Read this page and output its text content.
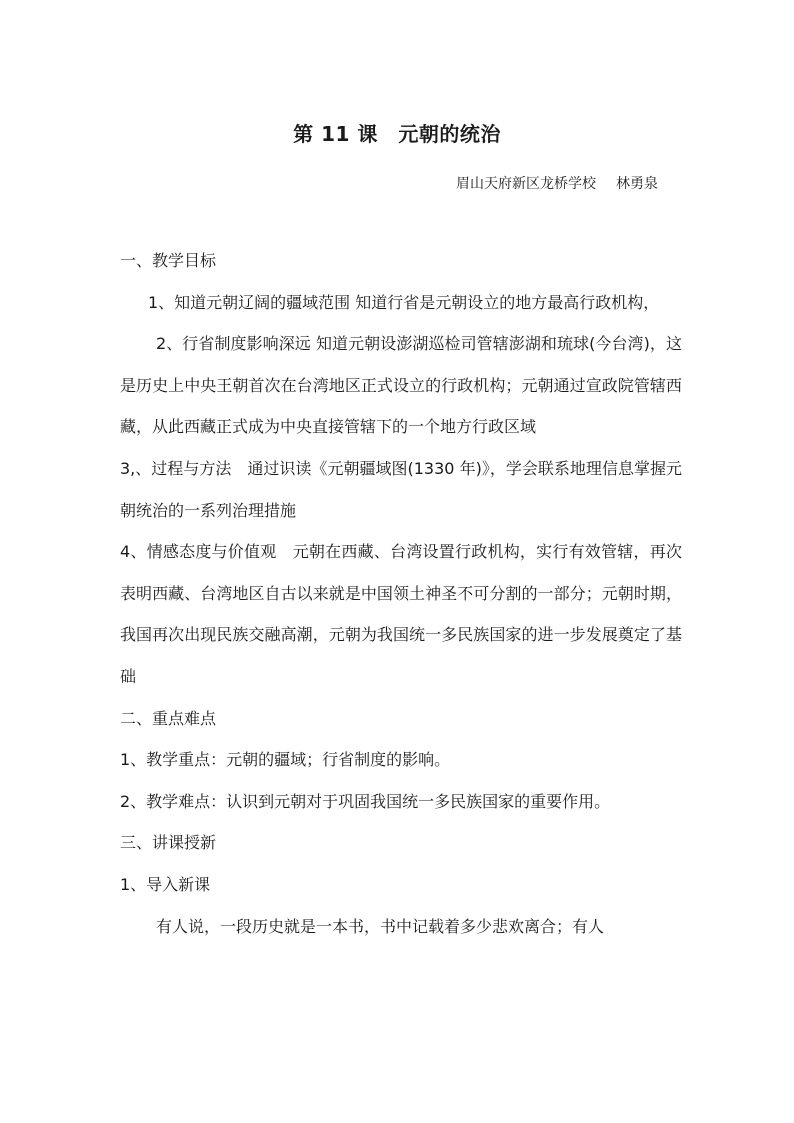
第 11 课　元朝的统治
眉山天府新区龙桥学校 林勇泉

一、教学目标

1、知道元朝辽阔的疆域范围 知道行省是元朝设立的地方最高行政机构，

2、行省制度影响深远 知道元朝设澎湖巡检司管辖澎湖和琉球(今台湾)，这是历史上中央王朝首次在台湾地区正式设立的行政机构；元朝通过宣政院管辖西藏，从此西藏正式成为中央直接管辖下的一个地方行政区域

3,、过程与方法　通过识读《元朝疆域图(1330 年)》，学会联系地理信息掌握元朝统治的一系列治理措施

4、情感态度与价值观　元朝在西藏、台湾设置行政机构，实行有效管辖，再次表明西藏、台湾地区自古以来就是中国领土神圣不可分割的一部分；元朝时期，我国再次出现民族交融高潮，元朝为我国统一多民族国家的进一步发展奠定了基础

二、重点难点

1、教学重点：元朝的疆域；行省制度的影响。

2、教学难点：认识到元朝对于巩固我国统一多民族国家的重要作用。

三、讲课授新

1、导入新课

有人说，一段历史就是一本书，书中记载着多少悲欢离合；有人
